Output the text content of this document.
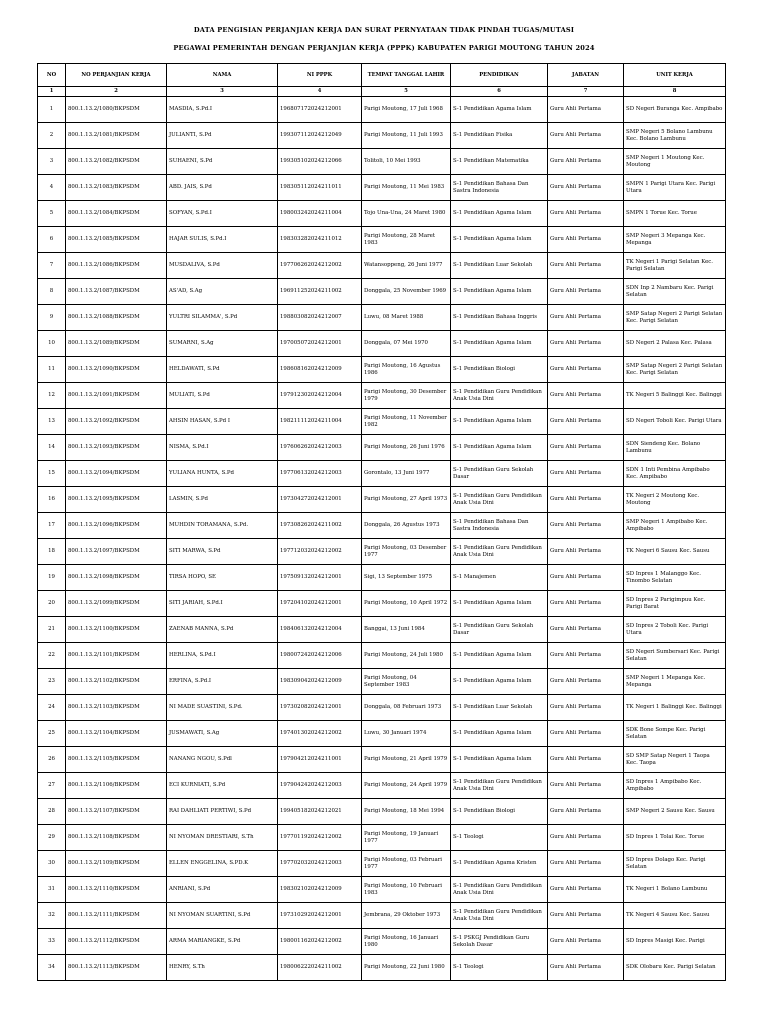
DATA PENGISIAN PERJANJIAN KERJA DAN SURAT PERNYATAAN TIDAK PINDAH TUGAS/MUTASI
PEGAWAI PEMERINTAH DENGAN PERJANJIAN KERJA (PPPK) KABUPATEN PARIGI MOUTONG TAHUN 2024
NO	NO PERJANJIAN KERJA	NAMA	NI PPPK	TEMPAT TANGGAL LAHIR	PENDIDIKAN	JABATAN	UNIT KERJA
1	2	3	4	5	6	7	8
1	800.1.13.2/1080/BKPSDM	MASDIA, S.Pd.I	196807172024212001	Parigi Moutong, 17 Juli 1968	S-1 Pendidikan Agama Islam	Guru Ahli Pertama	SD Negeri Buranga Kec. Ampibabo
2	800.1.13.2/1081/BKPSDM	JULIANTI, S.Pd	199307112024212049	Parigi Moutong, 11 Juli 1993	S-1 Pendidikan Fisika	Guru Ahli Pertama	SMP Negeri 5 Bolano Lambunu Kec. Bolano Lambunu
3	800.1.13.2/1082/BKPSDM	SUHAENI, S.Pd	199305102024212066	Tolitoli, 10 Mei 1993	S-1 Pendidikan Matematika	Guru Ahli Pertama	SMP Negeri 1 Moutong Kec. Moutong
4	800.1.13.2/1083/BKPSDM	ABD. JAIS, S.Pd	198305112024211011	Parigi Moutong, 11 Mei 1983	S-1 Pendidikan Bahasa Dan Sastra Indonesia	Guru Ahli Pertama	SMPN 1 Parigi Utara Kec. Parigi Utara
5	800.1.13.2/1084/BKPSDM	SOFYAN, S.Pd.I	198003242024211004	Tojo Una-Una, 24 Maret 1980	S-1 Pendidikan Agama Islam	Guru Ahli Pertama	SMPN 1 Torue Kec. Torue
6	800.1.13.2/1085/BKPSDM	HAJAR SULIS, S.Pd.I	198303282024211012	Parigi Moutong, 28 Maret 1983	S-1 Pendidikan Agama Islam	Guru Ahli Pertama	SMP Negeri 3 Mepanga Kec. Mepanga
7	800.1.13.2/1086/BKPSDM	MUSDALIVA, S.Pd	197706262024212002	Watansoppeng, 26 Juni 1977	S-1 Pendidikan Luar Sekolah	Guru Ahli Pertama	TK Negeri 1 Parigi Selatan Kec. Parigi Selatan
8	800.1.13.2/1087/BKPSDM	AS'AD, S.Ag	196911252024211002	Donggala, 25 November 1969	S-1 Pendidikan Agama Islam	Guru Ahli Pertama	SDN Inp 2 Nambaru Kec. Parigi Selatan
9	800.1.13.2/1088/BKPSDM	YULTRI SILAMMA', S.Pd	198803082024212007	Luwu, 08 Maret 1988	S-1 Pendidikan Bahasa Inggris	Guru Ahli Pertama	SMP Satap Negeri 2 Parigi Selatan Kec. Parigi Selatan
10	800.1.13.2/1089/BKPSDM	SUMARNI, S.Ag	197005072024212001	Donggala, 07 Mei 1970	S-1 Pendidikan Agama Islam	Guru Ahli Pertama	SD Negeri 2 Palasa Kec. Palasa
11	800.1.13.2/1090/BKPSDM	HELDAWATI, S.Pd	198608162024212009	Parigi Moutong, 16 Agustus 1986	S-1 Pendidikan Biologi	Guru Ahli Pertama	SMP Satap Negeri 2 Parigi Selatan Kec. Parigi Selatan
12	800.1.13.2/1091/BKPSDM	MULIATI, S.Pd	197912302024212004	Parigi Moutong, 30 Desember 1979	S-1 Pendidikan Guru Pendidikan Anak Usia Dini	Guru Ahli Pertama	TK Negeri 5 Balinggi Kec. Balinggi
13	800.1.13.2/1092/BKPSDM	AHSIN HASAN, S.Pd I	198211112024211004	Parigi Moutong, 11 November 1982	S-1 Pendidikan Agama Islam	Guru Ahli Pertama	SD Negeri Toboli Kec. Parigi Utara
14	800.1.13.2/1093/BKPSDM	NISMA, S.Pd.I	197606262024212003	Parigi Moutong, 26 Juni 1976	S-1 Pendidikan Agama Islam	Guru Ahli Pertama	SDN Siendeng Kec. Bolano Lambunu
15	800.1.13.2/1094/BKPSDM	YULIANA HUNTA, S.Pd	197706132024212003	Gorontalo, 13 Juni 1977	S-1 Pendidikan Guru Sekolah Dasar	Guru Ahli Pertama	SDN 1 Inti Pembina Ampibabo Kec. Ampibabo
16	800.1.13.2/1095/BKPSDM	LASMIN, S.Pd	197304272024212001	Parigi Moutong, 27 April 1973	S-1 Pendidikan Guru Pendidikan Anak Usia Dini	Guru Ahli Pertama	TK Negeri 2 Moutong Kec. Moutong
17	800.1.13.2/1096/BKPSDM	MUHDIN TORAMANA, S.Pd.	197308262024211002	Donggala, 26 Agustus 1973	S-1 Pendidikan Bahasa Dan Sastra Indonesia	Guru Ahli Pertama	SMP Negeri 1 Ampibabo Kec. Ampibabo
18	800.1.13.2/1097/BKPSDM	SITI MARWA, S.Pd	197712032024212002	Parigi Moutong, 03 Desember 1977	S-1 Pendidikan Guru Pendidikan Anak Usia Dini	Guru Ahli Pertama	TK Negeri 6 Sausu Kec. Sausu
19	800.1.13.2/1098/BKPSDM	TIRSA HOPO, SE	197509132024212001	Sigi, 13 September 1975	S-1 Manajemen	Guru Ahli Pertama	SD Inpres 1 Malanggo Kec. Tinombo Selatan
20	800.1.13.2/1099/BKPSDM	SITI JARIAH, S.Pd.I	197204102024212001	Parigi Moutong, 10 April 1972	S-1 Pendidikan Agama Islam	Guru Ahli Pertama	SD Inpres 2 Parigimpuu Kec. Parigi Barat
21	800.1.13.2/1100/BKPSDM	ZAENAB MANNA, S.Pd	198406132024212004	Banggai, 13 Juni 1984	S-1 Pendidikan Guru Sekolah Dasar	Guru Ahli Pertama	SD Inpres 2 Toboli Kec. Parigi Utara
22	800.1.13.2/1101/BKPSDM	HERLINA, S.Pd.I	198007242024212006	Parigi Moutong, 24 Juli 1980	S-1 Pendidikan Agama Islam	Guru Ahli Pertama	SD Negeri Sumbersari Kec. Parigi Selatan
23	800.1.13.2/1102/BKPSDM	ERFINA, S.Pd.I	198309042024212009	Parigi Moutong, 04 September 1983	S-1 Pendidikan Agama Islam	Guru Ahli Pertama	SMP Negeri 1 Mepanga Kec. Mepanga
24	800.1.13.2/1103/BKPSDM	NI MADE SUASTINI, S.Pd.	197302082024212001	Donggala, 08 Februari 1973	S-1 Pendidikan Luar Sekolah	Guru Ahli Pertama	TK Negeri 1 Balinggi Kec. Balinggi
25	800.1.13.2/1104/BKPSDM	JUSMAWATI, S.Ag	197401302024212002	Luwu, 30 Januari 1974	S-1 Pendidikan Agama Islam	Guru Ahli Pertama	SDK Bone Sompe Kec. Parigi Selatan
26	800.1.13.2/1105/BKPSDM	NANANG NGOU, S.Pdl	197904212024211001	Parigi Moutong, 21 April 1979	S-1 Pendidikan Agama Islam	Guru Ahli Pertama	SD SMP Satap Negeri 1 Taopa Kec. Taopa
27	800.1.13.2/1106/BKPSDM	ECI KURNIATI, S.Pd	197904242024212003	Parigi Moutong, 24 April 1979	S-1 Pendidikan Guru Pendidikan Anak Usia Dini	Guru Ahli Pertama	SD Inpres 1 Ampibabo Kec. Ampibabo
28	800.1.13.2/1107/BKPSDM	RAI DAHLIATI PERTIWI, S.Pd	199405182024212021	Parigi Moutong, 18 Mei 1994	S-1 Pendidikan Biologi	Guru Ahli Pertama	SMP Negeri 2 Sausu Kec. Sausu
29	800.1.13.2/1108/BKPSDM	NI NYOMAN DRESTIARI, S.Th	197701192024212002	Parigi Moutong, 19 Januari 1977	S-1 Teologi	Guru Ahli Pertama	SD Inpres 1 Tolai Kec. Torue
30	800.1.13.2/1109/BKPSDM	ELLEN ENGGELINA, S.PD.K	197702032024212003	Parigi Moutong, 03 Februari 1977	S-1 Pendidikan Agama Kristen	Guru Ahli Pertama	SD Inpres Dolago Kec. Parigi Selatan
31	800.1.13.2/1110/BKPSDM	ANRIANI, S.Pd	198302102024212009	Parigi Moutong, 10 Februari 1983	S-1 Pendidikan Guru Pendidikan Anak Usia Dini	Guru Ahli Pertama	TK Negeri 1 Bolano Lambunu
32	800.1.13.2/1111/BKPSDM	NI NYOMAN SUARTINI, S.Pd	197310292024212001	Jembrana, 29 Oktober 1973	S-1 Pendidikan Guru Pendidikan Anak Usia Dini	Guru Ahli Pertama	TK Negeri 4 Sausu Kec. Sausu
33	800.1.13.2/1112/BKPSDM	ARMA MARIANGKE, S.Pd	198001162024212002	Parigi Moutong, 16 Januari 1980	S-1 PSKGJ Pendidikan Guru Sekolah Dasar	Guru Ahli Pertama	SD Inpres Masigi Kec. Parigi
34	800.1.13.2/1113/BKPSDM	HENRY, S.Th	198006222024211002	Parigi Moutong, 22 Juni 1980	S-1 Teologi	Guru Ahli Pertama	SDK Olobaru Kec. Parigi Selatan
